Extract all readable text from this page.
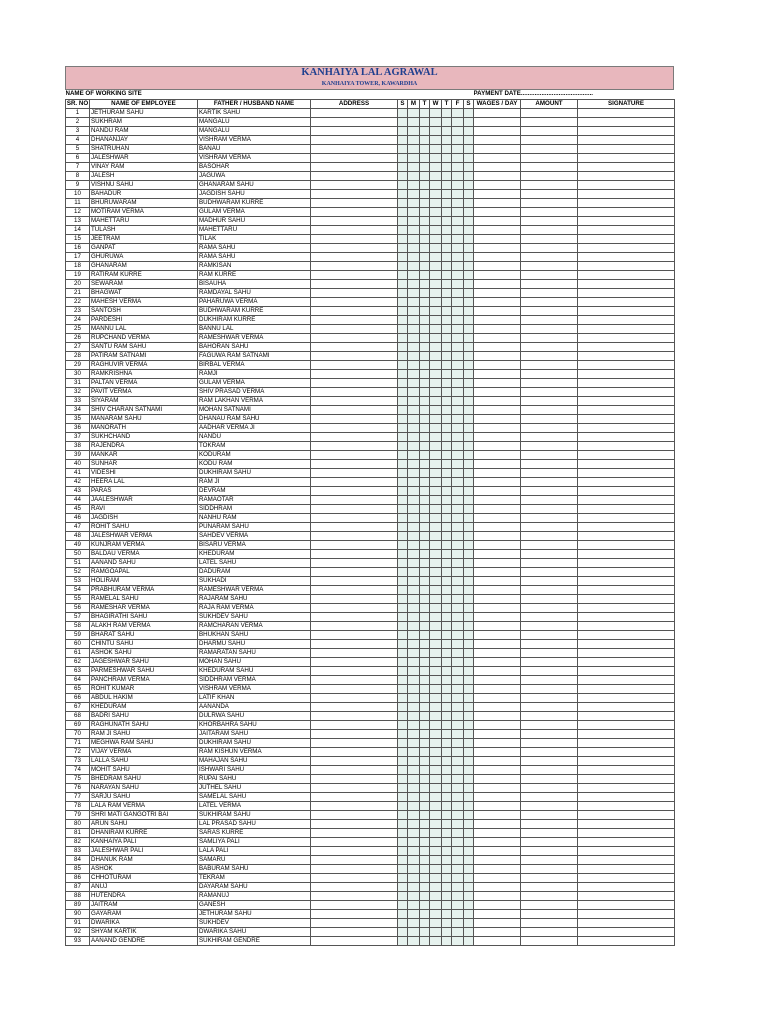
KANHAIYA LAL AGRAWAL
KANHAIYA TOWER, KAWARDHA
NAME OF WORKING SITE											PAYMENT DATE..........................................		
SR. NO	NAME OF EMPLOYEE	FATHER / HUSBAND NAME	ADDRESS	S	M	T	W	T	F	S	WAGES / DAY	AMOUNT	SIGNATURE
1	JETHURAM SAHU	KARTIK SAHU											
2	SUKHRAM	MANGALU											
3	NANDU RAM	MANGALU											
4	DHANANJAY	VISHRAM VERMA											
5	SHATRUHAN	BANAU											
6	JALESHWAR	VISHRAM VERMA											
7	VINAY RAM	BASOHAR											
8	JALESH	JAGUWA											
9	VISHNU SAHU	GHANARAM SAHU											
10	BAHADUR	JAGDISH SAHU											
11	BHURUWARAM	BUDHWARAM KURRE											
12	MOTIRAM VERMA	GULAM VERMA											
13	MAHETTARU	MADHUR SAHU											
14	TULASH	MAHETTARU											
15	JEETRAM	TILAK											
16	GANPAT	RAMA SAHU											
17	GHURUWA	RAMA SAHU											
18	GHANARAM	RAMKISAN											
19	RATIRAM KURRE	RAM KURRE											
20	SEWARAM	BISAUHA											
21	BHAGWAT	RAMDAYAL SAHU											
22	MAHESH VERMA	PAHARUWA VERMA											
23	SANTOSH	BUDHWARAM KURRE											
24	PARDESHI	DUKHIRAM KURRE											
25	MANNU LAL	BANNU LAL											
26	RUPCHAND VERMA	RAMESHWAR VERMA											
27	SANTU RAM SAHU	BAHORAN SAHU											
28	PATIRAM SATNAMI	FAGUWA RAM SATNAMI											
29	RAGHUVIR VERMA	BIRBAL VERMA											
30	RAMKRISHNA	RAMJI											
31	PALTAN VERMA	GULAM VERMA											
32	PAVIT VERMA	SHIV PRASAD VERMA											
33	SIYARAM	RAM LAKHAN VERMA											
34	SHIV CHARAN SATNAMI	MOHAN SATNAMI											
35	MANARAM SAHU	DHANAU RAM SAHU											
36	MANORATH	AADHAR VERMA JI											
37	SUKHCHAND	NANDU											
38	RAJENDRA	TOKRAM											
39	MANKAR	KODURAM											
40	SUNHAR	KODU RAM											
41	VIDESHI	DUKHIRAM SAHU											
42	HEERA LAL	RAM JI											
43	PARAS	DEVRAM											
44	JAALESHWAR	RAMAOTAR											
45	RAVI	SIDDHRAM											
46	JAGDISH	NANHU RAM											
47	ROHIT SAHU	PUNARAM SAHU											
48	JALESHWAR VERMA	SAHDEV VERMA											
49	KUNJRAM VERMA	BISARU VERMA											
50	BALDAU VERMA	KHEDURAM											
51	AANAND SAHU	LATEL SAHU											
52	RAMGOAPAL	DADURAM											
53	HOLIRAM	SUKHADI											
54	PRABHURAM VERMA	RAMESHWAR VERMA											
55	RAMELAL SAHU	RAJARAM SAHU											
56	RAMESHAR VERMA	RAJA RAM VERMA											
57	BHAGIRATHI SAHU	SUKHDEV SAHU											
58	ALAKH RAM VERMA	RAMCHARAN VERMA											
59	BHARAT SAHU	BHUKHAN SAHU											
60	CHINTU SAHU	DHARMU SAHU											
61	ASHOK SAHU	RAMARATAN SAHU											
62	JAGESHWAR SAHU	MOHAN SAHU											
63	PARMESHWAR SAHU	KHEDURAM SAHU											
64	PANCHRAM VERMA	SIDDHRAM VERMA											
65	ROHIT KUMAR	VISHRAM VERMA											
66	ABDUL HAKIM	LATIF KHAN											
67	KHEDURAM	AANANDA											
68	BADRI SAHU	DULRWA SAHU											
69	RAGHUNATH SAHU	KHORBAHRA SAHU											
70	RAM JI SAHU	JAITARAM SAHU											
71	MEGHWA RAM SAHU	DUKHIRAM SAHU											
72	VIJAY VERMA	RAM KISHUN VERMA											
73	LALLA SAHU	MAHAJAN SAHU											
74	MOHIT SAHU	ISHWARI SAHU											
75	BHEDRAM SAHU	RUPAI SAHU											
76	NARAYAN SAHU	JUTHEL SAHU											
77	SARJU SAHU	SAMELAL SAHU											
78	LALA RAM VERMA	LATEL VERMA											
79	SHRI MATI GANGOTRI BAI	SUKHIRAM SAHU											
80	ARUN SAHU	LAL PRASAD SAHU											
81	DHANIRAM KURRE	SARAS KURRE											
82	KANHAIYA PALI	SAMLIYA PALI											
83	JALESHWAR PALI	LALA PALI											
84	DHANUK RAM	SAMARU											
85	ASHOK	BABURAM SAHU											
86	CHHOTURAM	TEKRAM											
87	ANUJ	DAYARAM SAHU											
88	HUTENDRA	RAMANUJ											
89	JAITRAM	GANESH											
90	GAYARAM	JETHURAM SAHU											
91	DWARIKA	SUKHDEV											
92	SHYAM KARTIK	DWARIKA SAHU											
93	AANAND GENDRE	SUKHIRAM GENDRE											
